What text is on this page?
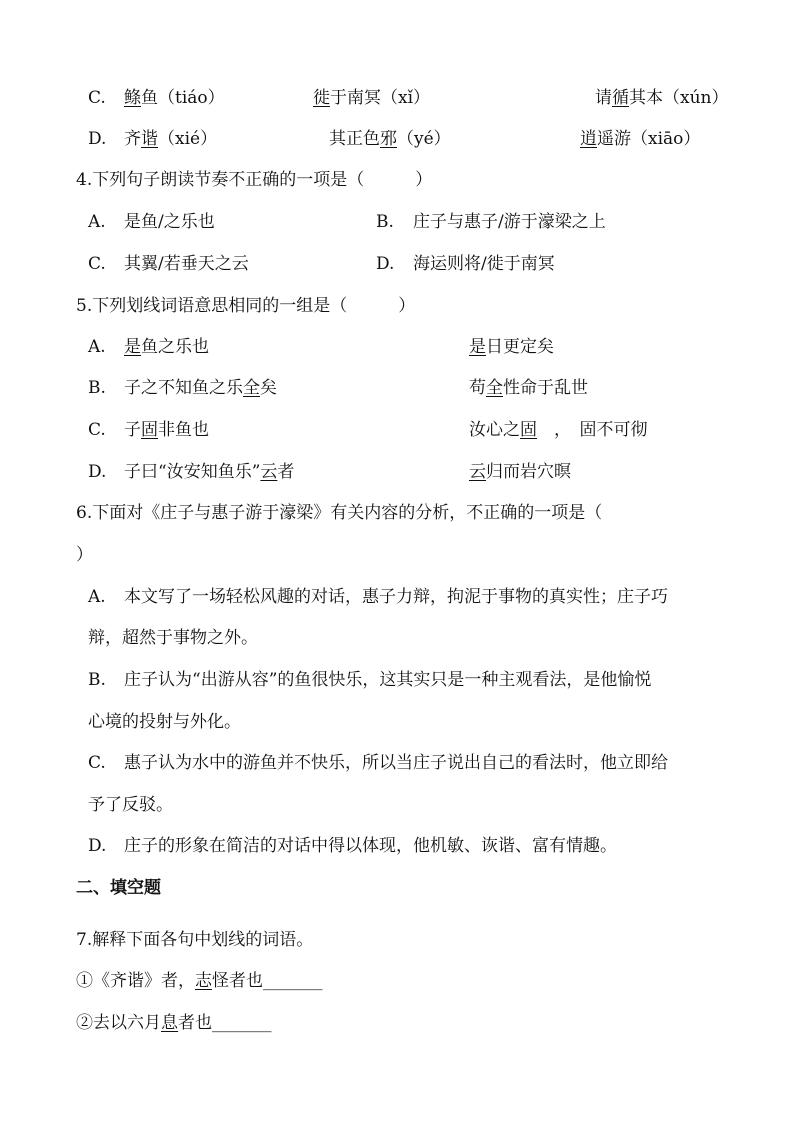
C. 鲦鱼（tiáo）	徙于南冥（xǐ）	请循其本（xún）
D. 齐谐（xié）	其正色邪（yé）	逍遥游（xiāo）
4.下列句子朗读节奏不正确的一项是（　　　）
A. 是鱼/之乐也	B. 庄子与惠子/游于濠梁之上
C. 其翼/若垂天之云	D. 海运则将/徙于南冥
5.下列划线词语意思相同的一组是（　　　）
A. 是鱼之乐也	是日更定矣
B. 子之不知鱼之乐全矣	苟全性命于乱世
C. 子固非鱼也	汝心之固　，　固不可彻
D. 子曰“汝安知鱼乐”云者	云归而岩穴暝
6.下面对《庄子与惠子游于濠梁》有关内容的分析，不正确的一项是（
）
A. 本文写了一场轻松风趣的对话，惠子力辩，拘泥于事物的真实性；庄子巧
辩，超然于事物之外。
B. 庄子认为“出游从容”的鱼很快乐，这其实只是一种主观看法，是他愉悦
心境的投射与外化。
C. 惠子认为水中的游鱼并不快乐，所以当庄子说出自己的看法时，他立即给
予了反驳。
D. 庄子的形象在简洁的对话中得以体现，他机敏、诙谐、富有情趣。
二、填空题
7.解释下面各句中划线的词语。
①《齐谐》者，志怪者也_______
②去以六月息者也_______
